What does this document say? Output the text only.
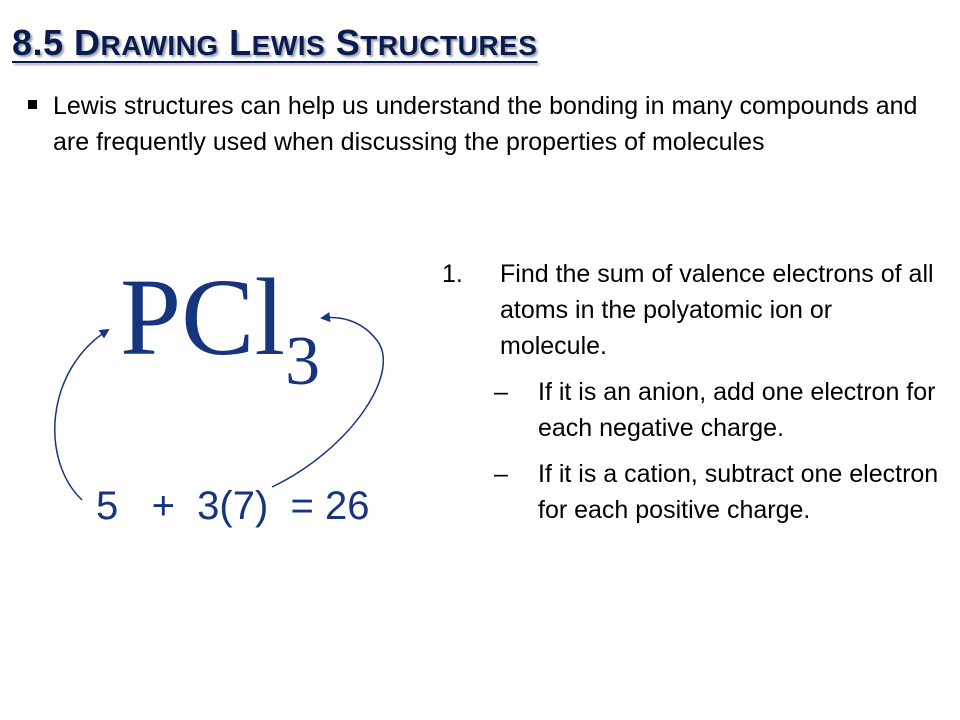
8.5 DRAWING LEWIS STRUCTURES

Lewis structures can help us understand the bonding in many compounds and are frequently used when discussing the properties of molecules

PCl$_3$
5   +  3(7)  = 26
1.	Find the sum of valence electrons of all atoms in the polyatomic ion or molecule.
–	If it is an anion, add one electron for each negative charge.
–	If it is a cation, subtract one electron for each positive charge.
